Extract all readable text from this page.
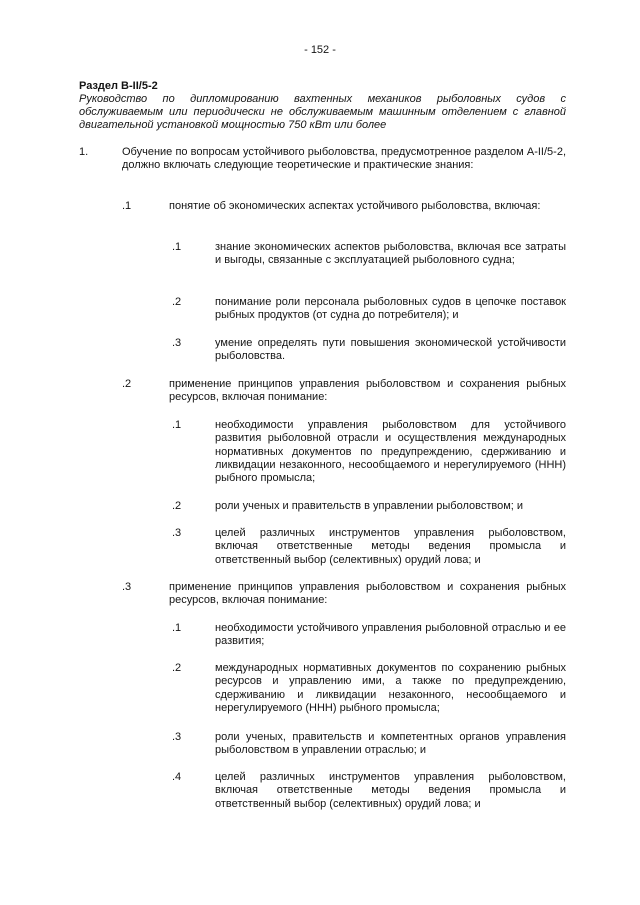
- 152 -
Раздел B-II/5-2
Руководство по дипломированию вахтенных механиков рыболовных судов с обслуживаемым или периодически не обслуживаемым машинным отделением с главной двигательной установкой мощностью 750 кВт или более
1.	Обучение по вопросам устойчивого рыболовства, предусмотренное разделом A-II/5-2, должно включать следующие теоретические и практические знания:
.1	понятие об экономических аспектах устойчивого рыболовства, включая:
.1	знание экономических аспектов рыболовства, включая все затраты и выгоды, связанные с эксплуатацией рыболовного судна;
.2	понимание роли персонала рыболовных судов в цепочке поставок рыбных продуктов (от судна до потребителя); и
.3	умение определять пути повышения экономической устойчивости рыболовства.
.2	применение принципов управления рыболовством и сохранения рыбных ресурсов, включая понимание:
.1	необходимости управления рыболовством для устойчивого развития рыболовной отрасли и осуществления международных нормативных документов по предупреждению, сдерживанию и ликвидации незаконного, несообщаемого и нерегулируемого (ННН) рыбного промысла;
.2	роли ученых и правительств в управлении рыболовством; и
.3	целей различных инструментов управления рыболовством, включая ответственные методы ведения промысла и ответственный выбор (селективных) орудий лова; и
.3	применение принципов управления рыболовством и сохранения рыбных ресурсов, включая понимание:
.1	необходимости устойчивого управления рыболовной отраслью и ее развития;
.2	международных нормативных документов по сохранению рыбных ресурсов и управлению ими, а также по предупреждению, сдерживанию и ликвидации незаконного, несообщаемого и нерегулируемого (ННН) рыбного промысла;
.3	роли ученых, правительств и компетентных органов управления рыболовством в управлении отраслью; и
.4	целей различных инструментов управления рыболовством, включая ответственные методы ведения промысла и ответственный выбор (селективных) орудий лова; и
